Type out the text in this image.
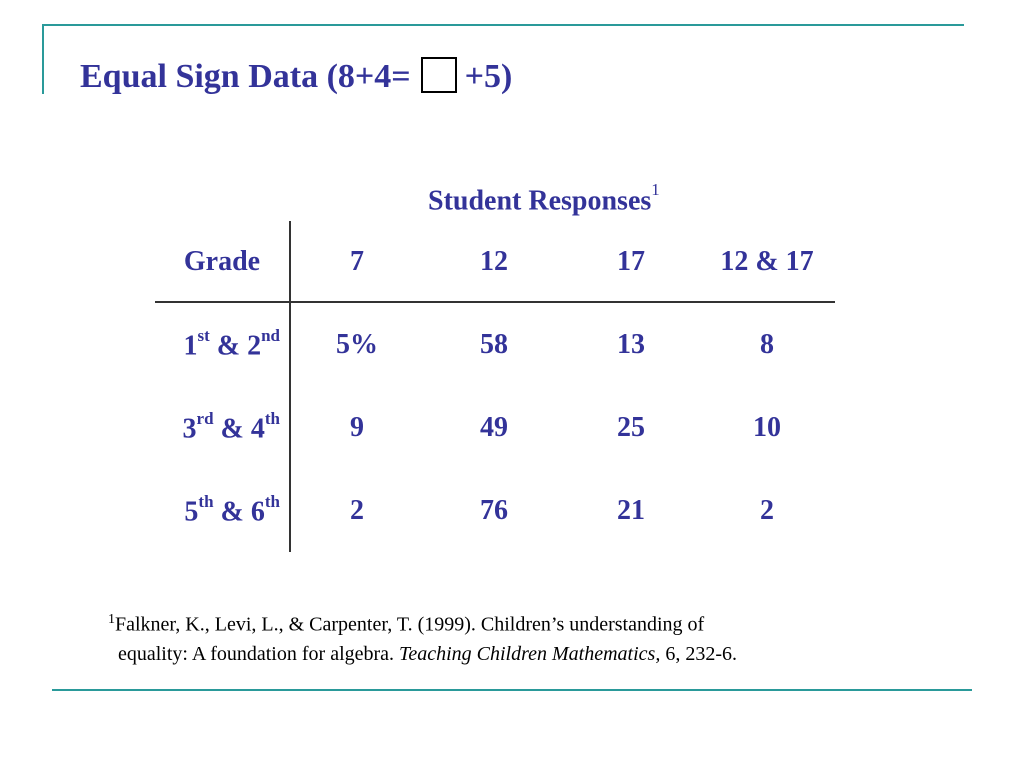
Equal Sign Data (8+4= +5)
Student Responses$^1$
Grade	7	12	17	12 & 17
1st & 2nd	5%	58	13	8
3rd & 4th	9	49	25	10
5th & 6th	2	76	21	2
$^1$Falkner, K., Levi, L., & Carpenter, T. (1999). Children’s understanding of
equality: A foundation for algebra. Teaching Children Mathematics, 6, 232-6.
